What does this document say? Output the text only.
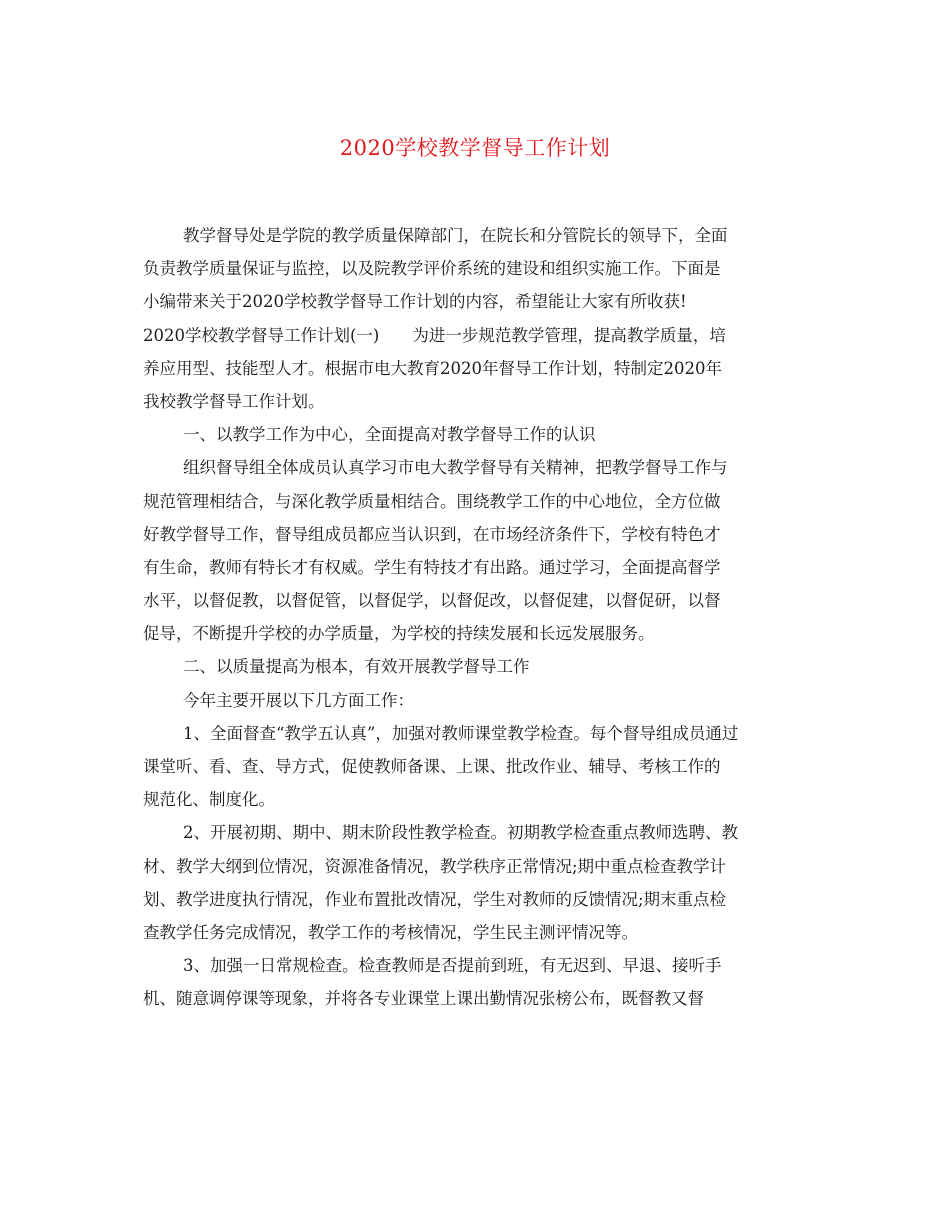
2020学校教学督导工作计划
教学督导处是学院的教学质量保障部门，在院长和分管院长的领导下，全面
负责教学质量保证与监控，以及院教学评价系统的建设和组织实施工作。下面是
小编带来关于2020学校教学督导工作计划的内容，希望能让大家有所收获!
2020学校教学督导工作计划(一)　　为进一步规范教学管理，提高教学质量，培
养应用型、技能型人才。根据市电大教育2020年督导工作计划，特制定2020年
我校教学督导工作计划。
一、以教学工作为中心，全面提高对教学督导工作的认识
组织督导组全体成员认真学习市电大教学督导有关精神，把教学督导工作与
规范管理相结合，与深化教学质量相结合。围绕教学工作的中心地位，全方位做
好教学督导工作，督导组成员都应当认识到，在市场经济条件下，学校有特色才
有生命，教师有特长才有权威。学生有特技才有出路。通过学习，全面提高督学
水平，以督促教，以督促管，以督促学，以督促改，以督促建，以督促研，以督
促导，不断提升学校的办学质量，为学校的持续发展和长远发展服务。
二、以质量提高为根本，有效开展教学督导工作
今年主要开展以下几方面工作：
1、全面督查“教学五认真”，加强对教师课堂教学检查。每个督导组成员通过
课堂听、看、查、导方式，促使教师备课、上课、批改作业、辅导、考核工作的
规范化、制度化。
2、开展初期、期中、期末阶段性教学检查。初期教学检查重点教师选聘、教
材、教学大纲到位情况，资源准备情况，教学秩序正常情况;期中重点检查教学计
划、教学进度执行情况，作业布置批改情况，学生对教师的反馈情况;期末重点检
查教学任务完成情况，教学工作的考核情况，学生民主测评情况等。
3、加强一日常规检查。检查教师是否提前到班，有无迟到、早退、接听手
机、随意调停课等现象，并将各专业课堂上课出勤情况张榜公布，既督教又督
